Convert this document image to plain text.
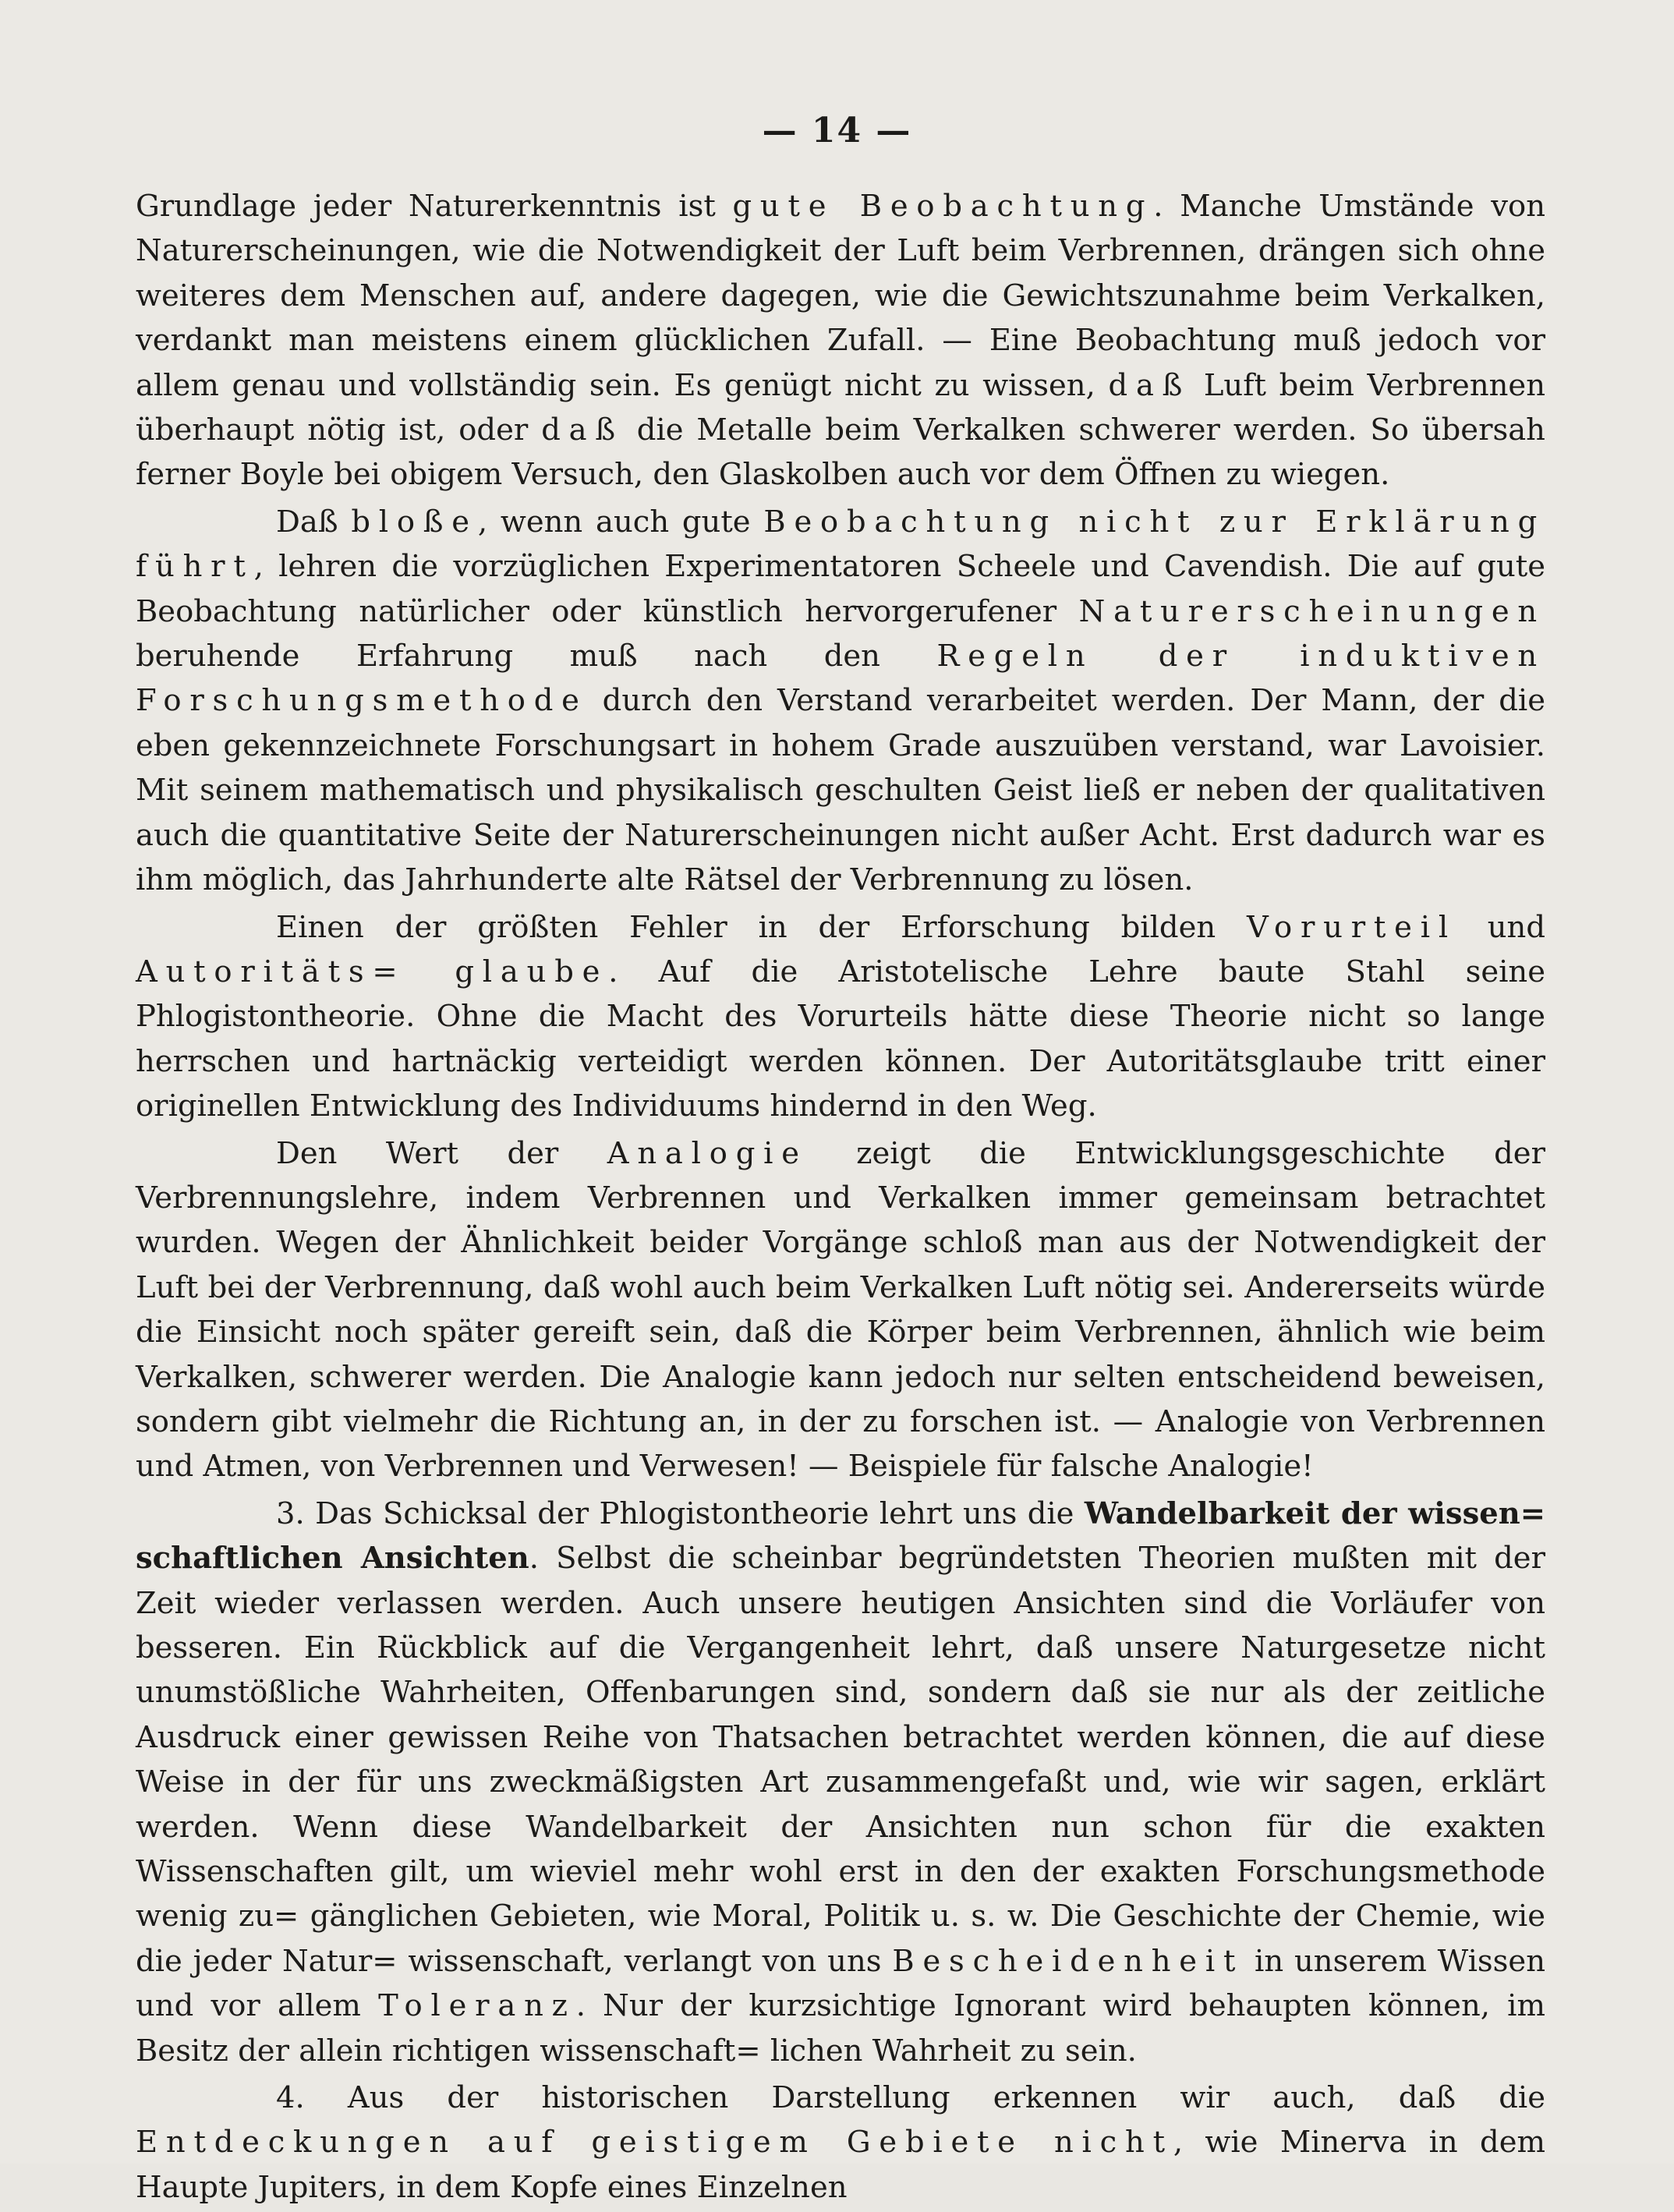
— 14 —

Grundlage jeder Naturerkenntnis ist gute Beobachtung. Manche Umstände von Naturerscheinungen, wie die Notwendigkeit der Luft beim Verbrennen, drängen sich ohne weiteres dem Menschen auf, andere dagegen, wie die Gewichtszunahme beim Verkalken, verdankt man meistens einem glücklichen Zufall. — Eine Beobachtung muß jedoch vor allem genau und vollständig sein. Es genügt nicht zu wissen, daß Luft beim Verbrennen überhaupt nötig ist, oder daß die Metalle beim Verkalken schwerer werden. So übersah ferner Boyle bei obigem Versuch, den Glaskolben auch vor dem Öffnen zu wiegen.

Daß bloße, wenn auch gute Beobachtung nicht zur Erklärung führt, lehren die vorzüglichen Experimentatoren Scheele und Cavendish. Die auf gute Beobachtung natürlicher oder künstlich hervorgerufener Naturerscheinungen beruhende Erfahrung muß nach den Regeln der induktiven Forschungsmethode durch den Verstand verarbeitet werden. Der Mann, der die eben gekennzeichnete Forschungsart in hohem Grade auszuüben verstand, war Lavoisier. Mit seinem mathematisch und physikalisch geschulten Geist ließ er neben der qualitativen auch die quantitative Seite der Naturerscheinungen nicht außer Acht. Erst dadurch war es ihm möglich, das Jahrhunderte alte Rätsel der Verbrennung zu lösen.

Einen der größten Fehler in der Erforschung bilden Vorurteil und Autoritäts= glaube. Auf die Aristotelische Lehre baute Stahl seine Phlogistontheorie. Ohne die Macht des Vorurteils hätte diese Theorie nicht so lange herrschen und hartnäckig verteidigt werden können. Der Autoritätsglaube tritt einer originellen Entwicklung des Individuums hindernd in den Weg.

Den Wert der Analogie zeigt die Entwicklungsgeschichte der Verbrennungslehre, indem Verbrennen und Verkalken immer gemeinsam betrachtet wurden. Wegen der Ähnlichkeit beider Vorgänge schloß man aus der Notwendigkeit der Luft bei der Verbrennung, daß wohl auch beim Verkalken Luft nötig sei. Andererseits würde die Einsicht noch später gereift sein, daß die Körper beim Verbrennen, ähnlich wie beim Verkalken, schwerer werden. Die Analogie kann jedoch nur selten entscheidend beweisen, sondern gibt vielmehr die Richtung an, in der zu forschen ist. — Analogie von Verbrennen und Atmen, von Verbrennen und Verwesen! — Beispiele für falsche Analogie!

3. Das Schicksal der Phlogistontheorie lehrt uns die Wandelbarkeit der wissen= schaftlichen Ansichten. Selbst die scheinbar begründetsten Theorien mußten mit der Zeit wieder verlassen werden. Auch unsere heutigen Ansichten sind die Vorläufer von besseren. Ein Rückblick auf die Vergangenheit lehrt, daß unsere Naturgesetze nicht unumstößliche Wahrheiten, Offenbarungen sind, sondern daß sie nur als der zeitliche Ausdruck einer gewissen Reihe von Thatsachen betrachtet werden können, die auf diese Weise in der für uns zweckmäßigsten Art zusammengefaßt und, wie wir sagen, erklärt werden. Wenn diese Wandelbarkeit der Ansichten nun schon für die exakten Wissenschaften gilt, um wieviel mehr wohl erst in den der exakten Forschungsmethode wenig zu= gänglichen Gebieten, wie Moral, Politik u. s. w. Die Geschichte der Chemie, wie die jeder Natur= wissenschaft, verlangt von uns Bescheidenheit in unserem Wissen und vor allem Toleranz. Nur der kurzsichtige Ignorant wird behaupten können, im Besitz der allein richtigen wissenschaft= lichen Wahrheit zu sein.

4. Aus der historischen Darstellung erkennen wir auch, daß die Entdeckungen auf geistigem Gebiete nicht, wie Minerva in dem Haupte Jupiters, in dem Kopfe eines Einzelnen
